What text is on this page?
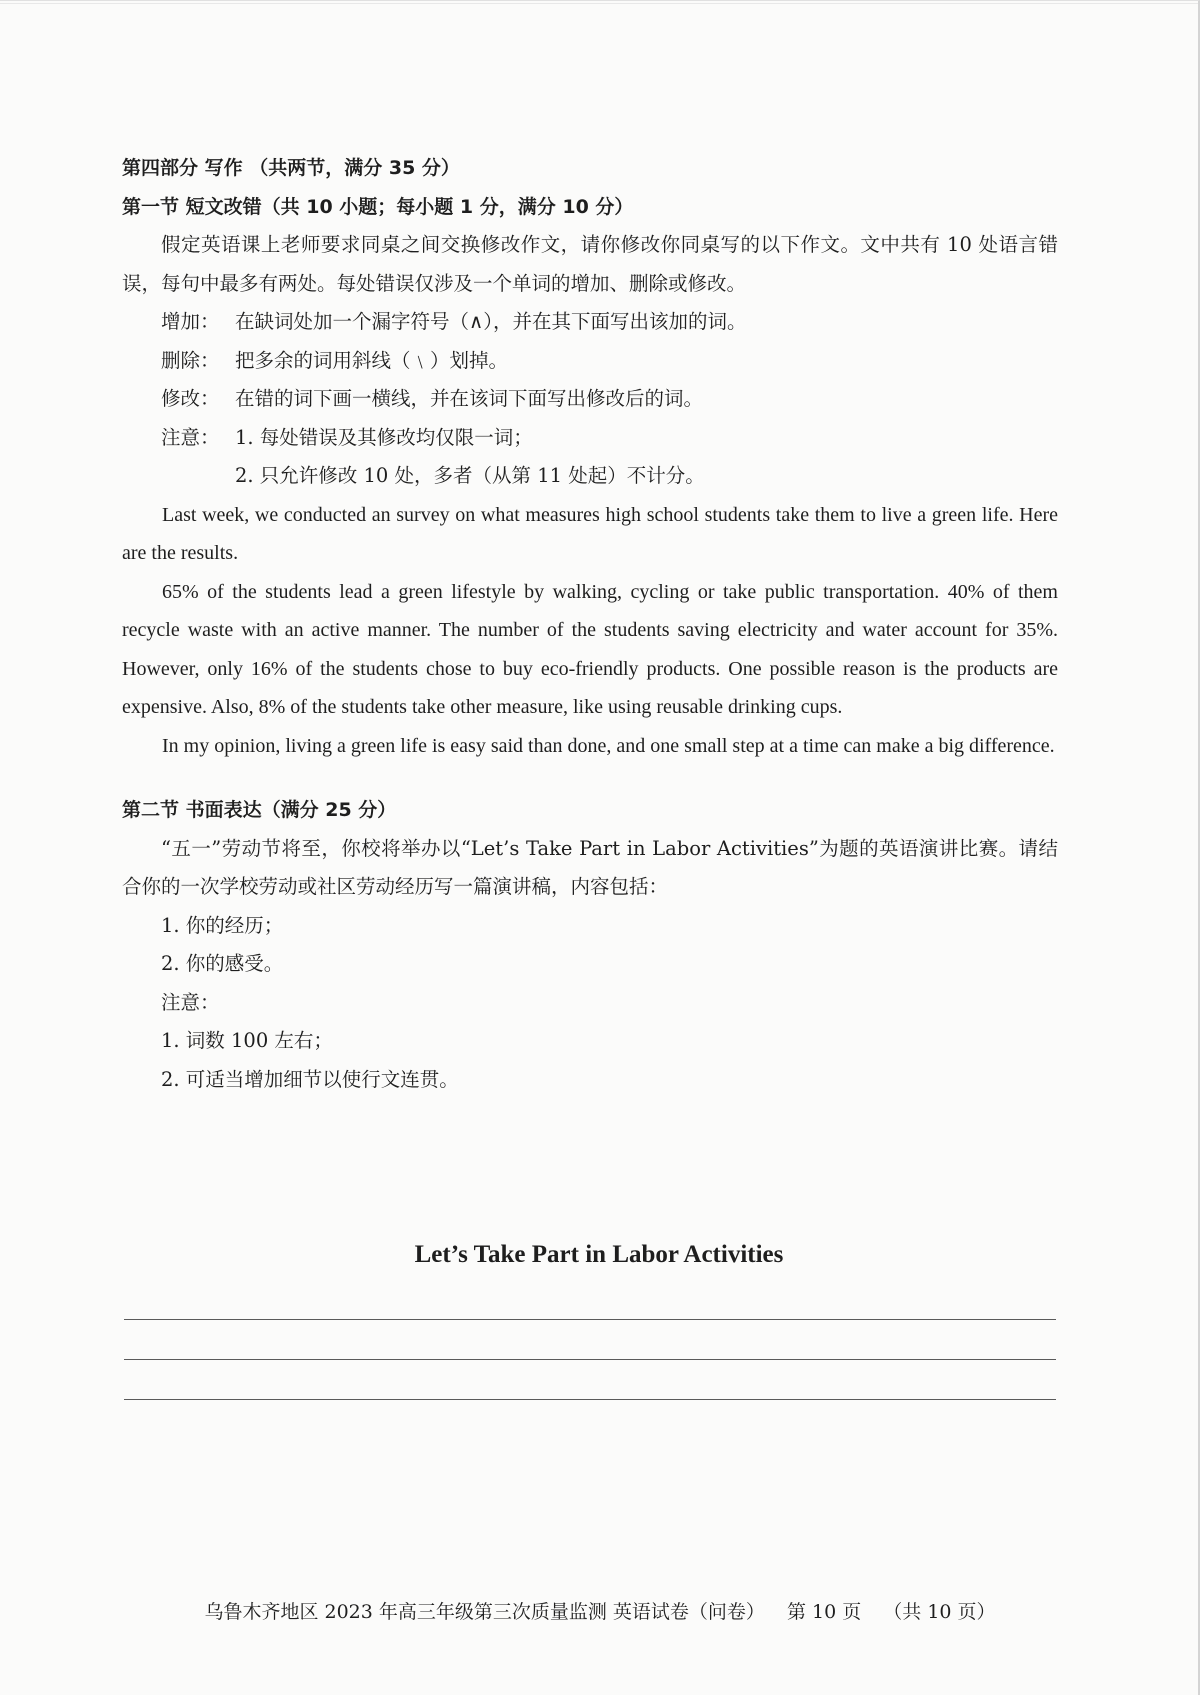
第四部分 写作 （共两节，满分 35 分）

第一节 短文改错（共 10 小题；每小题 1 分，满分 10 分）

假定英语课上老师要求同桌之间交换修改作文，请你修改你同桌写的以下作文。文中共有 10 处语言错误，每句中最多有两处。每处错误仅涉及一个单词的增加、删除或修改。

增加： 在缺词处加一个漏字符号（∧），并在其下面写出该加的词。

删除： 把多余的词用斜线（﹨）划掉。

修改： 在错的词下画一横线，并在该词下面写出修改后的词。

注意： 1. 每处错误及其修改均仅限一词；

2. 只允许修改 10 处，多者（从第 11 处起）不计分。

Last week, we conducted an survey on what measures high school students take them to live a green life. Here are the results.

65% of the students lead a green lifestyle by walking, cycling or take public transportation. 40% of them recycle waste with an active manner. The number of the students saving electricity and water account for 35%. However, only 16% of the students chose to buy eco-friendly products. One possible reason is the products are expensive. Also, 8% of the students take other measure, like using reusable drinking cups.

In my opinion, living a green life is easy said than done, and one small step at a time can make a big difference.

第二节 书面表达（满分 25 分）

“五一”劳动节将至，你校将举办以“Let’s Take Part in Labor Activities”为题的英语演讲比赛。请结合你的一次学校劳动或社区劳动经历写一篇演讲稿，内容包括：

1. 你的经历；

2. 你的感受。

注意：

1. 词数 100 左右；

2. 可适当增加细节以使行文连贯。

Let’s Take Part in Labor Activities

乌鲁木齐地区 2023 年高三年级第三次质量监测 英语试卷（问卷） 第 10 页 （共 10 页）
